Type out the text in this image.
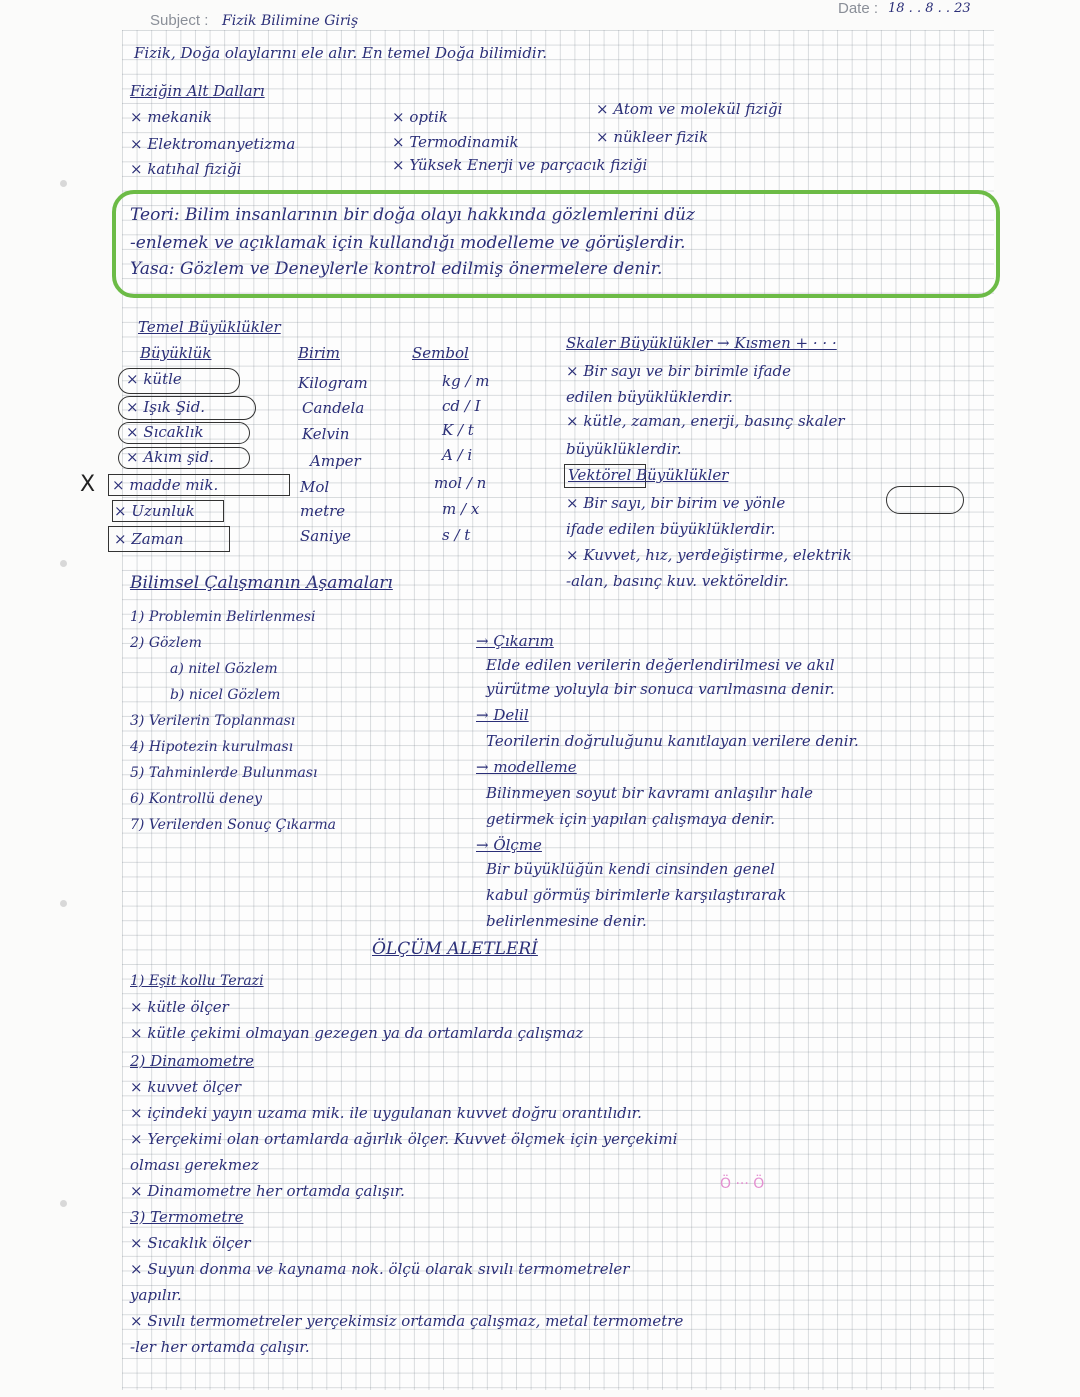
Subject : Fizik Bilimine Giriş
Date : 18 . . 8 . . 23
Fizik, Doğa olaylarını ele alır. En temel Doğa bilimidir.
Fiziğin Alt Dalları
× mekanik
× Elektromanyetizma
× katıhal fiziği
× optik
× Termodinamik
× Yüksek Enerji ve parçacık fiziği
× Atom ve molekül fiziği
× nükleer fizik
Teori: Bilim insanlarının bir doğa olayı hakkında gözlemlerini düz
-enlemek ve açıklamak için kullandığı modelleme ve görüşlerdir.
Yasa: Gözlem ve Deneylerle kontrol edilmiş önermelere denir.
Temel Büyüklükler
Büyüklük	Birim	Sembol
× kütle	Kilogram	kg / m
× Işık Şid.	Candela	cd / I
× Sıcaklık	Kelvin	K / t
× Akım şid.	Amper	A / i
X × madde mik.	Mol	mol / n
× Uzunluk	metre	m / x
× Zaman	Saniye	s / t
Skaler Büyüklükler → Kısmen + · · ·
× Bir sayı ve bir birimle ifade
edilen büyüklüklerdir.
× kütle, zaman, enerji, basınç skaler
büyüklüklerdir.
Vektörel Büyüklükler
× Bir sayı, bir birim ve yönle
ifade edilen büyüklüklerdir.
× Kuvvet, hız, yerdeğiştirme, elektrik
-alan, basınç kuv. vektöreldir.
Bilimsel Çalışmanın Aşamaları
1) Problemin Belirlenmesi
2) Gözlem
a) nitel Gözlem
b) nicel Gözlem
3) Verilerin Toplanması
4) Hipotezin kurulması
5) Tahminlerde Bulunması
6) Kontrollü deney
7) Verilerden Sonuç Çıkarma
→ Çıkarım
Elde edilen verilerin değerlendirilmesi ve akıl
yürütme yoluyla bir sonuca varılmasına denir.
→ Delil
Teorilerin doğruluğunu kanıtlayan verilere denir.
→ modelleme
Bilinmeyen soyut bir kavramı anlaşılır hale
getirmek için yapılan çalışmaya denir.
→ Ölçme
Bir büyüklüğün kendi cinsinden genel
kabul görmüş birimlerle karşılaştırarak
belirlenmesine denir.
ÖLÇÜM ALETLERİ
Ö ··· Ö
1) Eşit kollu Terazi
× kütle ölçer
× kütle çekimi olmayan gezegen ya da ortamlarda çalışmaz
2) Dinamometre
× kuvvet ölçer
× içindeki yayın uzama mik. ile uygulanan kuvvet doğru orantılıdır.
× Yerçekimi olan ortamlarda ağırlık ölçer. Kuvvet ölçmek için yerçekimi
olması gerekmez
× Dinamometre her ortamda çalışır.
3) Termometre
× Sıcaklık ölçer
× Suyun donma ve kaynama nok. ölçü olarak sıvılı termometreler
yapılır.
× Sıvılı termometreler yerçekimsiz ortamda çalışmaz, metal termometre
-ler her ortamda çalışır.
